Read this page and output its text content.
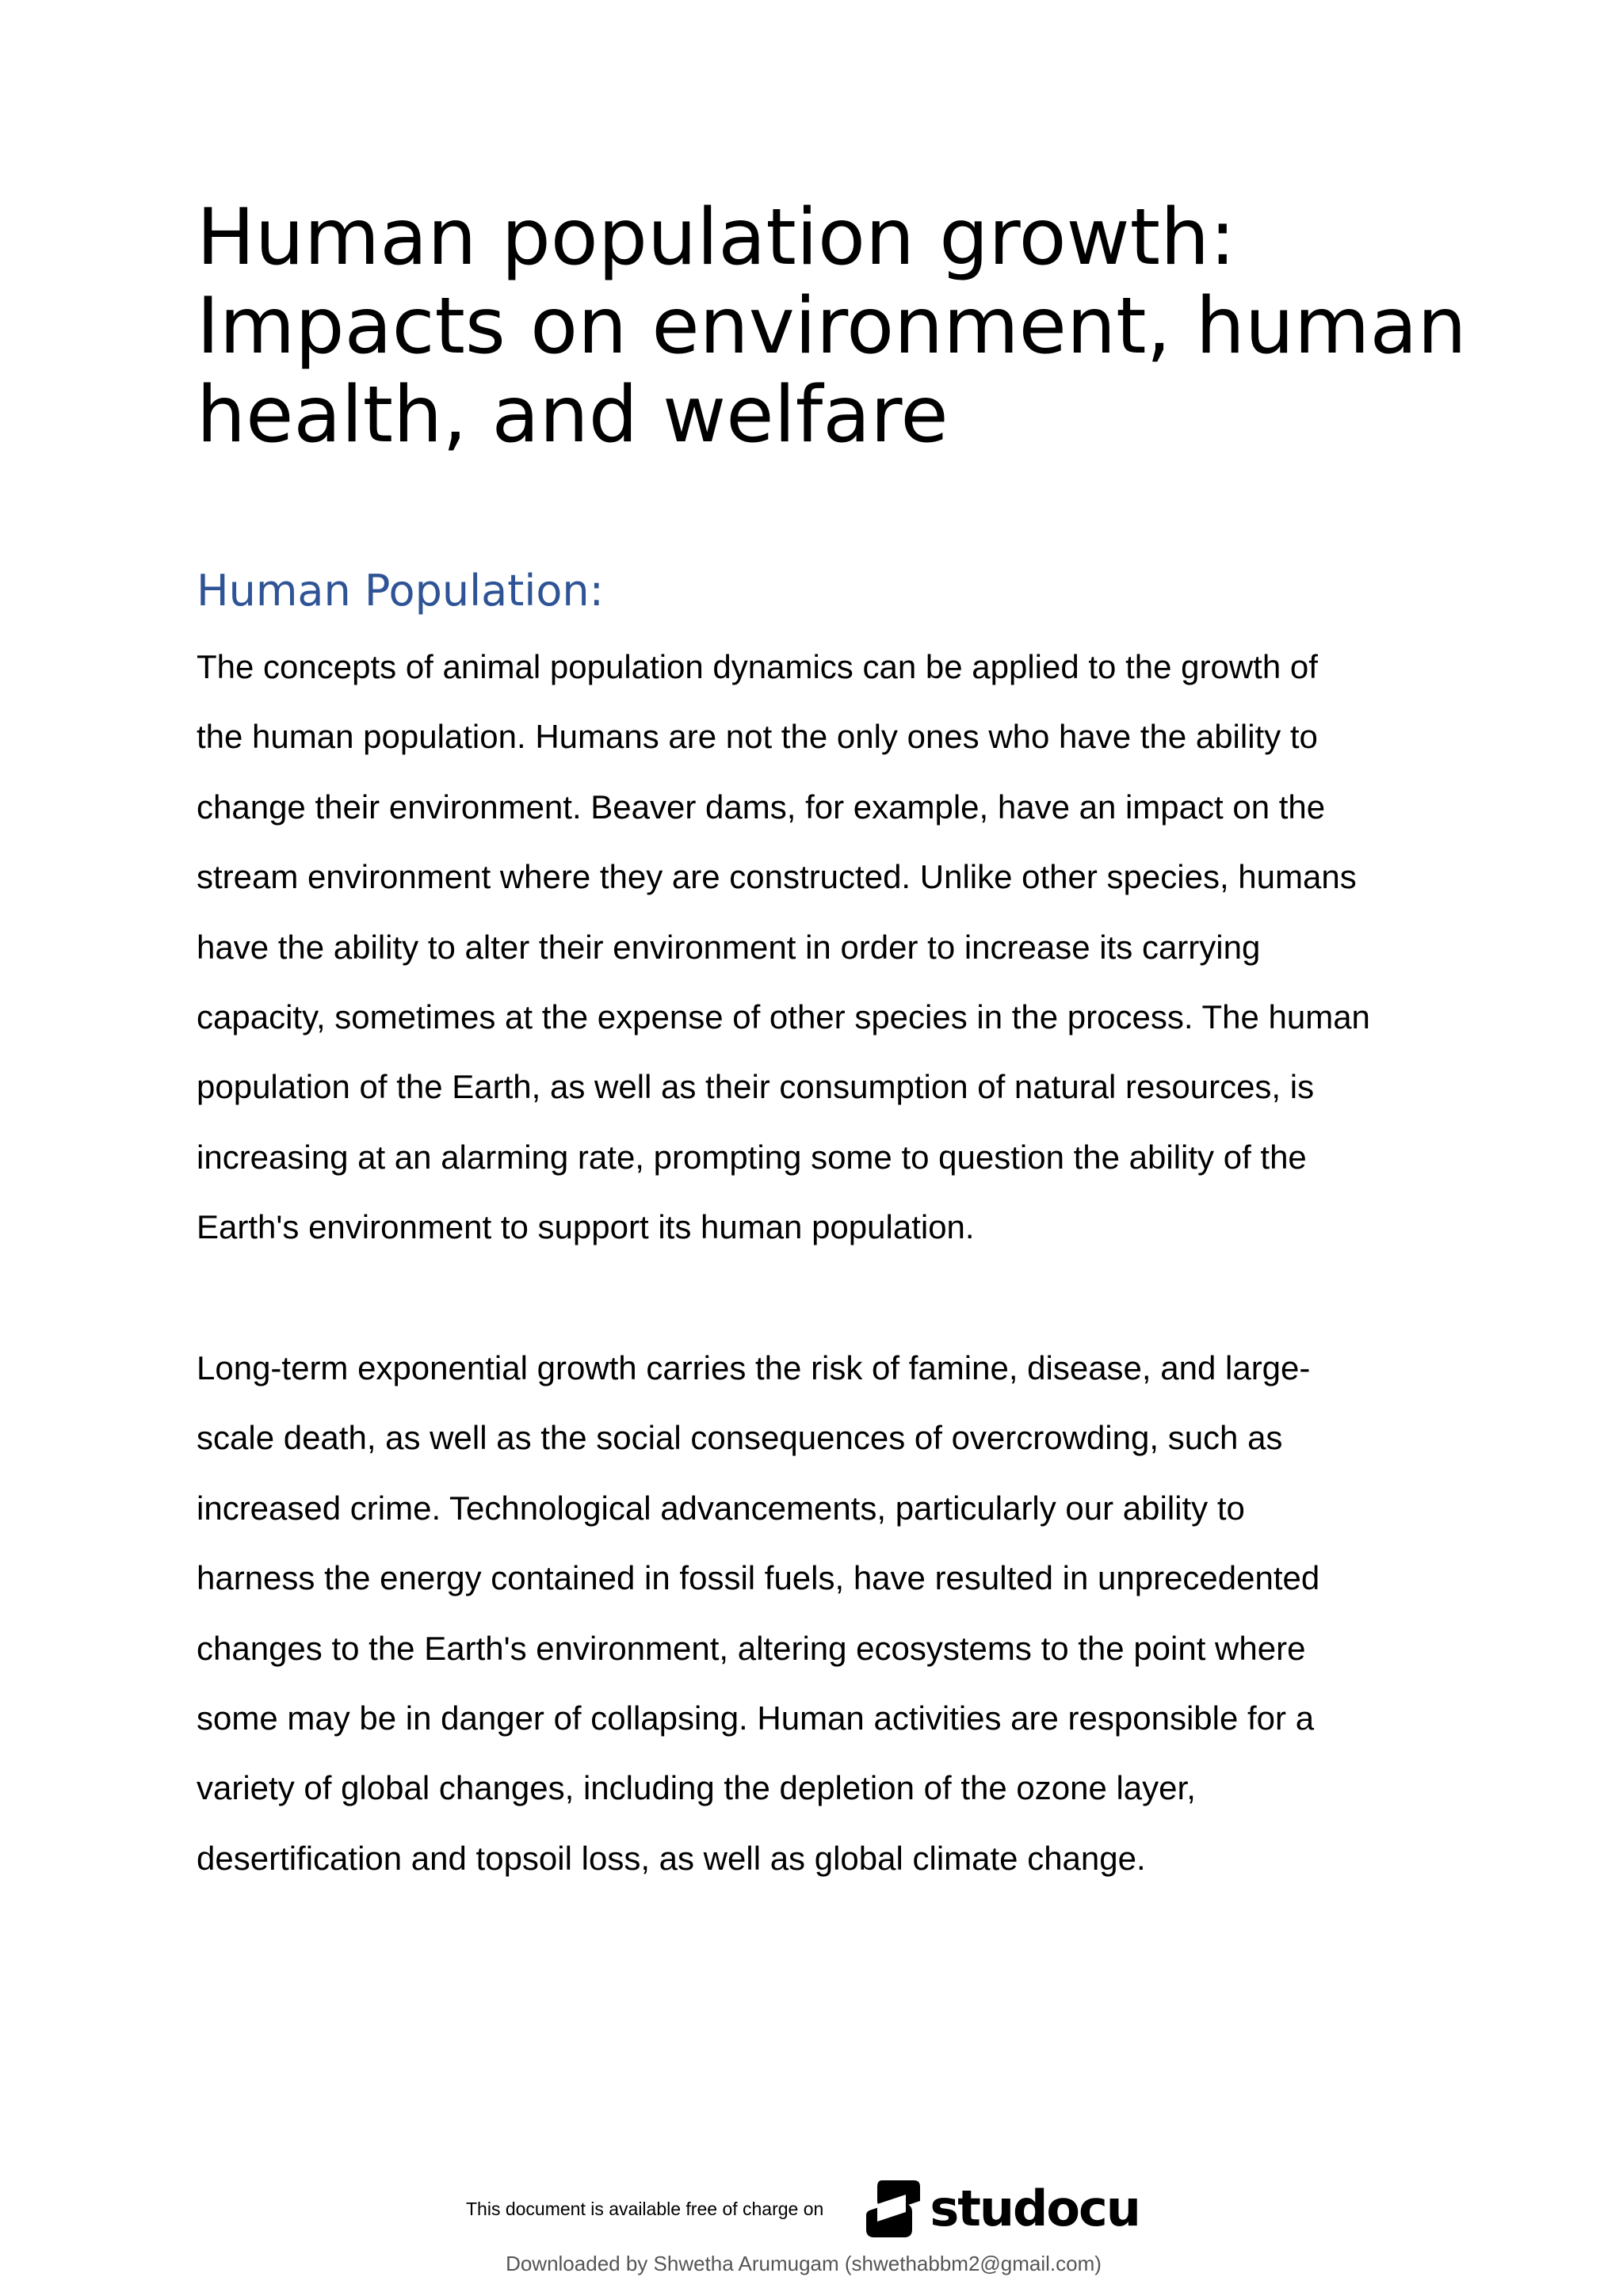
Human population growth:
Impacts on environment, human
health, and welfare
Human Population:

The concepts of animal population dynamics can be applied to the growth of
the human population. Humans are not the only ones who have the ability to
change their environment. Beaver dams, for example, have an impact on the
stream environment where they are constructed. Unlike other species, humans
have the ability to alter their environment in order to increase its carrying
capacity, sometimes at the expense of other species in the process. The human
population of the Earth, as well as their consumption of natural resources, is
increasing at an alarming rate, prompting some to question the ability of the
Earth's environment to support its human population.

Long-term exponential growth carries the risk of famine, disease, and large-
scale death, as well as the social consequences of overcrowding, such as
increased crime. Technological advancements, particularly our ability to
harness the energy contained in fossil fuels, have resulted in unprecedented
changes to the Earth's environment, altering ecosystems to the point where
some may be in danger of collapsing. Human activities are responsible for a
variety of global changes, including the depletion of the ozone layer,
desertification and topsoil loss, as well as global climate change.

This document is available free of charge on studocu
Downloaded by Shwetha Arumugam (shwethabbm2@gmail.com)
